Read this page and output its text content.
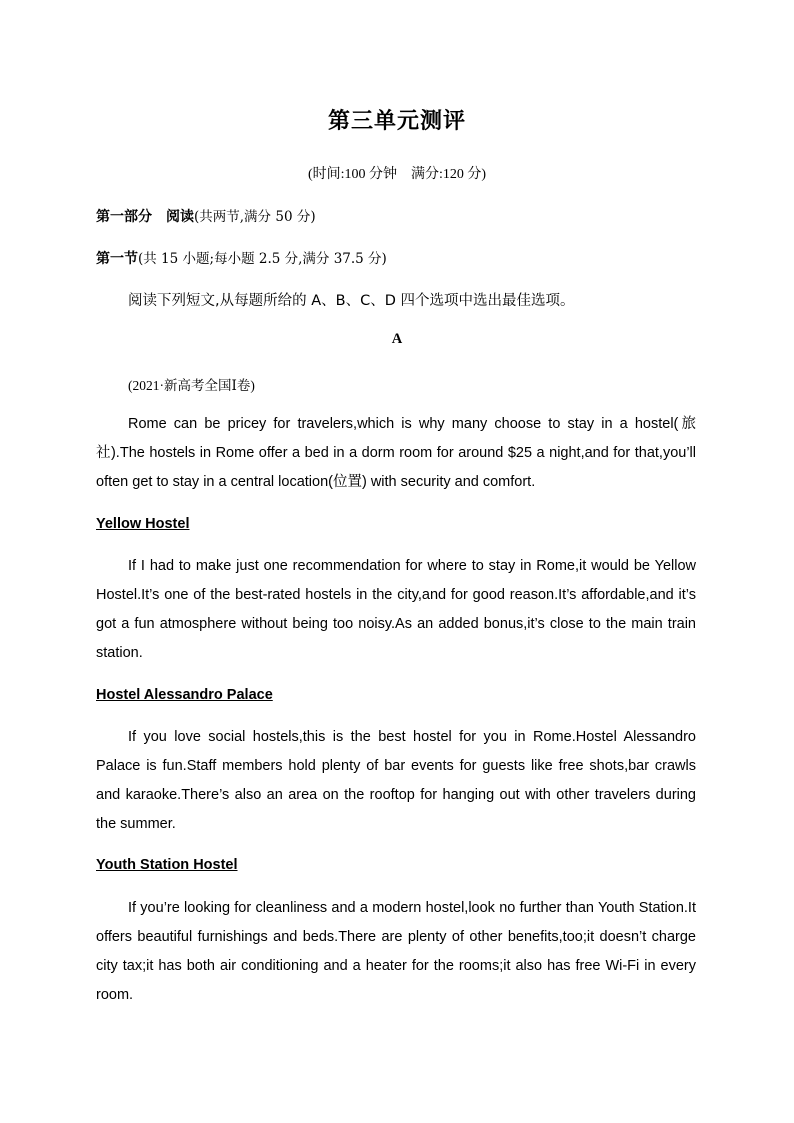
第三单元测评
(时间:100 分钟　满分:120 分)
第一部分　阅读(共两节,满分 50 分)
第一节(共 15 小题;每小题 2.5 分,满分 37.5 分)
阅读下列短文,从每题所给的 A、B、C、D 四个选项中选出最佳选项。
A
(2021·新高考全国Ⅰ卷)
Rome can be pricey for travelers,which is why many choose to stay in a hostel(旅社).The hostels in Rome offer a bed in a dorm room for around $25 a night,and for that,you’ll often get to stay in a central location(位置) with security and comfort.
Yellow Hostel
If I had to make just one recommendation for where to stay in Rome,it would be Yellow Hostel.It’s one of the best-rated hostels in the city,and for good reason.It’s affordable,and it’s got a fun atmosphere without being too noisy.As an added bonus,it’s close to the main train station.
Hostel Alessandro Palace
If you love social hostels,this is the best hostel for you in Rome.Hostel Alessandro Palace is fun.Staff members hold plenty of bar events for guests like free shots,bar crawls and karaoke.There’s also an area on the rooftop for hanging out with other travelers during the summer.
Youth Station Hostel
If you’re looking for cleanliness and a modern hostel,look no further than Youth Station.It offers beautiful furnishings and beds.There are plenty of other benefits,too;it doesn’t charge city tax;it has both air conditioning and a heater for the rooms;it also has free Wi-Fi in every room.
